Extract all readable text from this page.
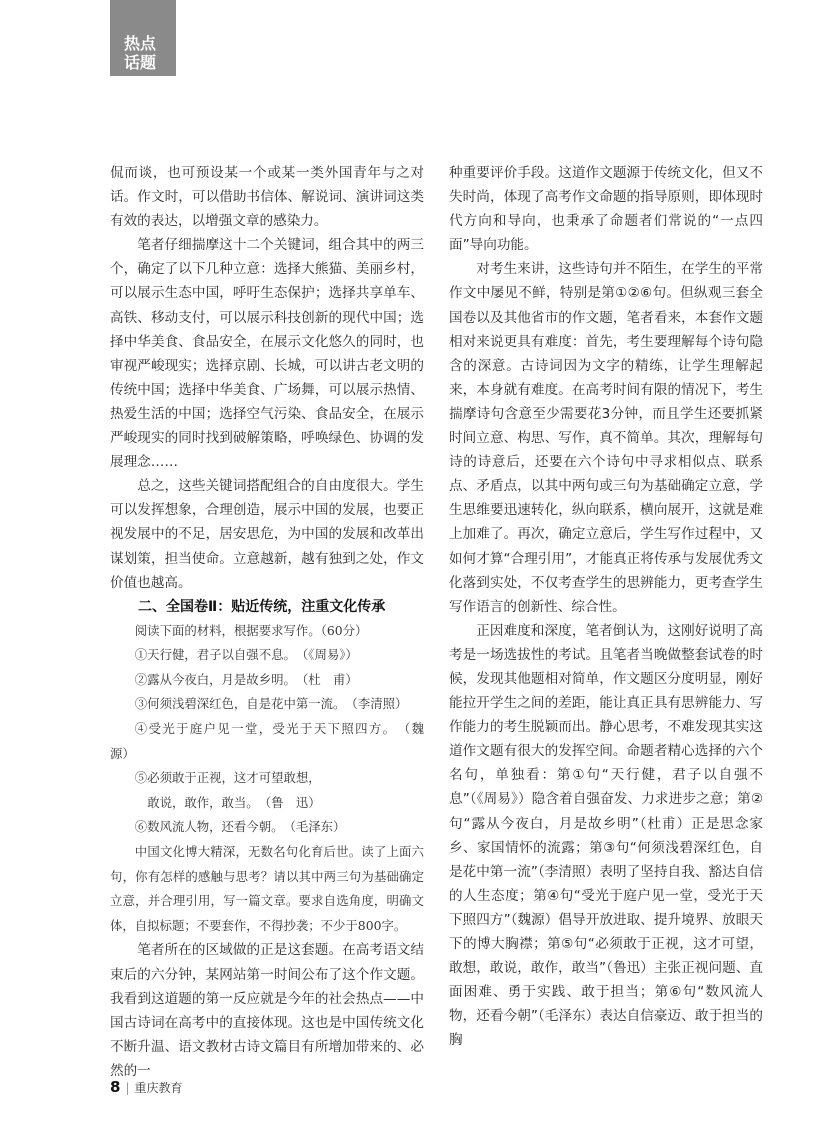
热点
话题

侃而谈，也可预设某一个或某一类外国青年与之对话。作文时，可以借助书信体、解说词、演讲词这类有效的表达，以增强文章的感染力。

笔者仔细揣摩这十二个关键词，组合其中的两三个，确定了以下几种立意：选择大熊猫、美丽乡村，可以展示生态中国，呼吁生态保护；选择共享单车、高铁、移动支付，可以展示科技创新的现代中国；选择中华美食、食品安全，在展示文化悠久的同时，也审视严峻现实；选择京剧、长城，可以讲古老文明的传统中国；选择中华美食、广场舞，可以展示热情、热爱生活的中国；选择空气污染、食品安全，在展示严峻现实的同时找到破解策略，呼唤绿色、协调的发展理念……

总之，这些关键词搭配组合的自由度很大。学生可以发挥想象，合理创造，展示中国的发展，也要正视发展中的不足，居安思危，为中国的发展和改革出谋划策，担当使命。立意越新，越有独到之处，作文价值也越高。

二、全国卷Ⅱ：贴近传统，注重文化传承

阅读下面的材料，根据要求写作。（60分）

①天行健，君子以自强不息。　（《周易》）

②露从今夜白，月是故乡明。　（杜　甫）

③何须浅碧深红色，自是花中第一流。　（李清照）

④受光于庭户见一堂，受光于天下照四方。　（魏　源）

⑤必须敢于正视，这才可望敢想，

敢说，敢作，敢当。　（鲁　迅）

⑥数风流人物，还看今朝。　（毛泽东）

中国文化博大精深，无数名句化育后世。读了上面六句，你有怎样的感触与思考？请以其中两三句为基础确定立意，并合理引用，写一篇文章。要求自选角度，明确文体，自拟标题；不要套作，不得抄袭；不少于800字。

笔者所在的区域做的正是这套题。在高考语文结束后的六分钟，某网站第一时间公布了这个作文题。我看到这道题的第一反应就是今年的社会热点——中国古诗词在高考中的直接体现。这也是中国传统文化不断升温、语文教材古诗文篇目有所增加带来的、必然的一

种重要评价手段。这道作文题源于传统文化，但又不失时尚，体现了高考作文命题的指导原则，即体现时代方向和导向，也秉承了命题者们常说的“一点四面”导向功能。

对考生来讲，这些诗句并不陌生，在学生的平常作文中屡见不鲜，特别是第①②⑥句。但纵观三套全国卷以及其他省市的作文题，笔者看来，本套作文题相对来说更具有难度：首先，考生要理解每个诗句隐含的深意。古诗词因为文字的精练，让学生理解起来，本身就有难度。在高考时间有限的情况下，考生揣摩诗句含意至少需要花3分钟，而且学生还要抓紧时间立意、构思、写作，真不简单。其次，理解每句诗的诗意后，还要在六个诗句中寻求相似点、联系点、矛盾点，以其中两句或三句为基础确定立意，学生思维要迅速转化，纵向联系，横向展开，这就是难上加难了。再次，确定立意后，学生写作过程中，又如何才算“合理引用”，才能真正将传承与发展优秀文化落到实处，不仅考查学生的思辨能力，更考查学生写作语言的创新性、综合性。

正因难度和深度，笔者倒认为，这刚好说明了高考是一场选拔性的考试。且笔者当晚做整套试卷的时候，发现其他题相对简单，作文题区分度明显，刚好能拉开学生之间的差距，能让真正具有思辨能力、写作能力的考生脱颖而出。静心思考，不难发现其实这道作文题有很大的发挥空间。命题者精心选择的六个名句，单独看：第①句“天行健，君子以自强不息”（《周易》）隐含着自强奋发、力求进步之意；第②句“露从今夜白，月是故乡明”（杜甫）正是思念家乡、家国情怀的流露；第③句“何须浅碧深红色，自是花中第一流”（李清照）表明了坚持自我、豁达自信的人生态度；第④句“受光于庭户见一堂，受光于天下照四方”（魏源）倡导开放进取、提升境界、放眼天下的博大胸襟；第⑤句“必须敢于正视，这才可望，敢想，敢说，敢作，敢当”（鲁迅）主张正视问题、直面困难、勇于实践、敢于担当；第⑥句“数风流人物，还看今朝”（毛泽东）表达自信豪迈、敢于担当的胸

8 | 重庆教育
